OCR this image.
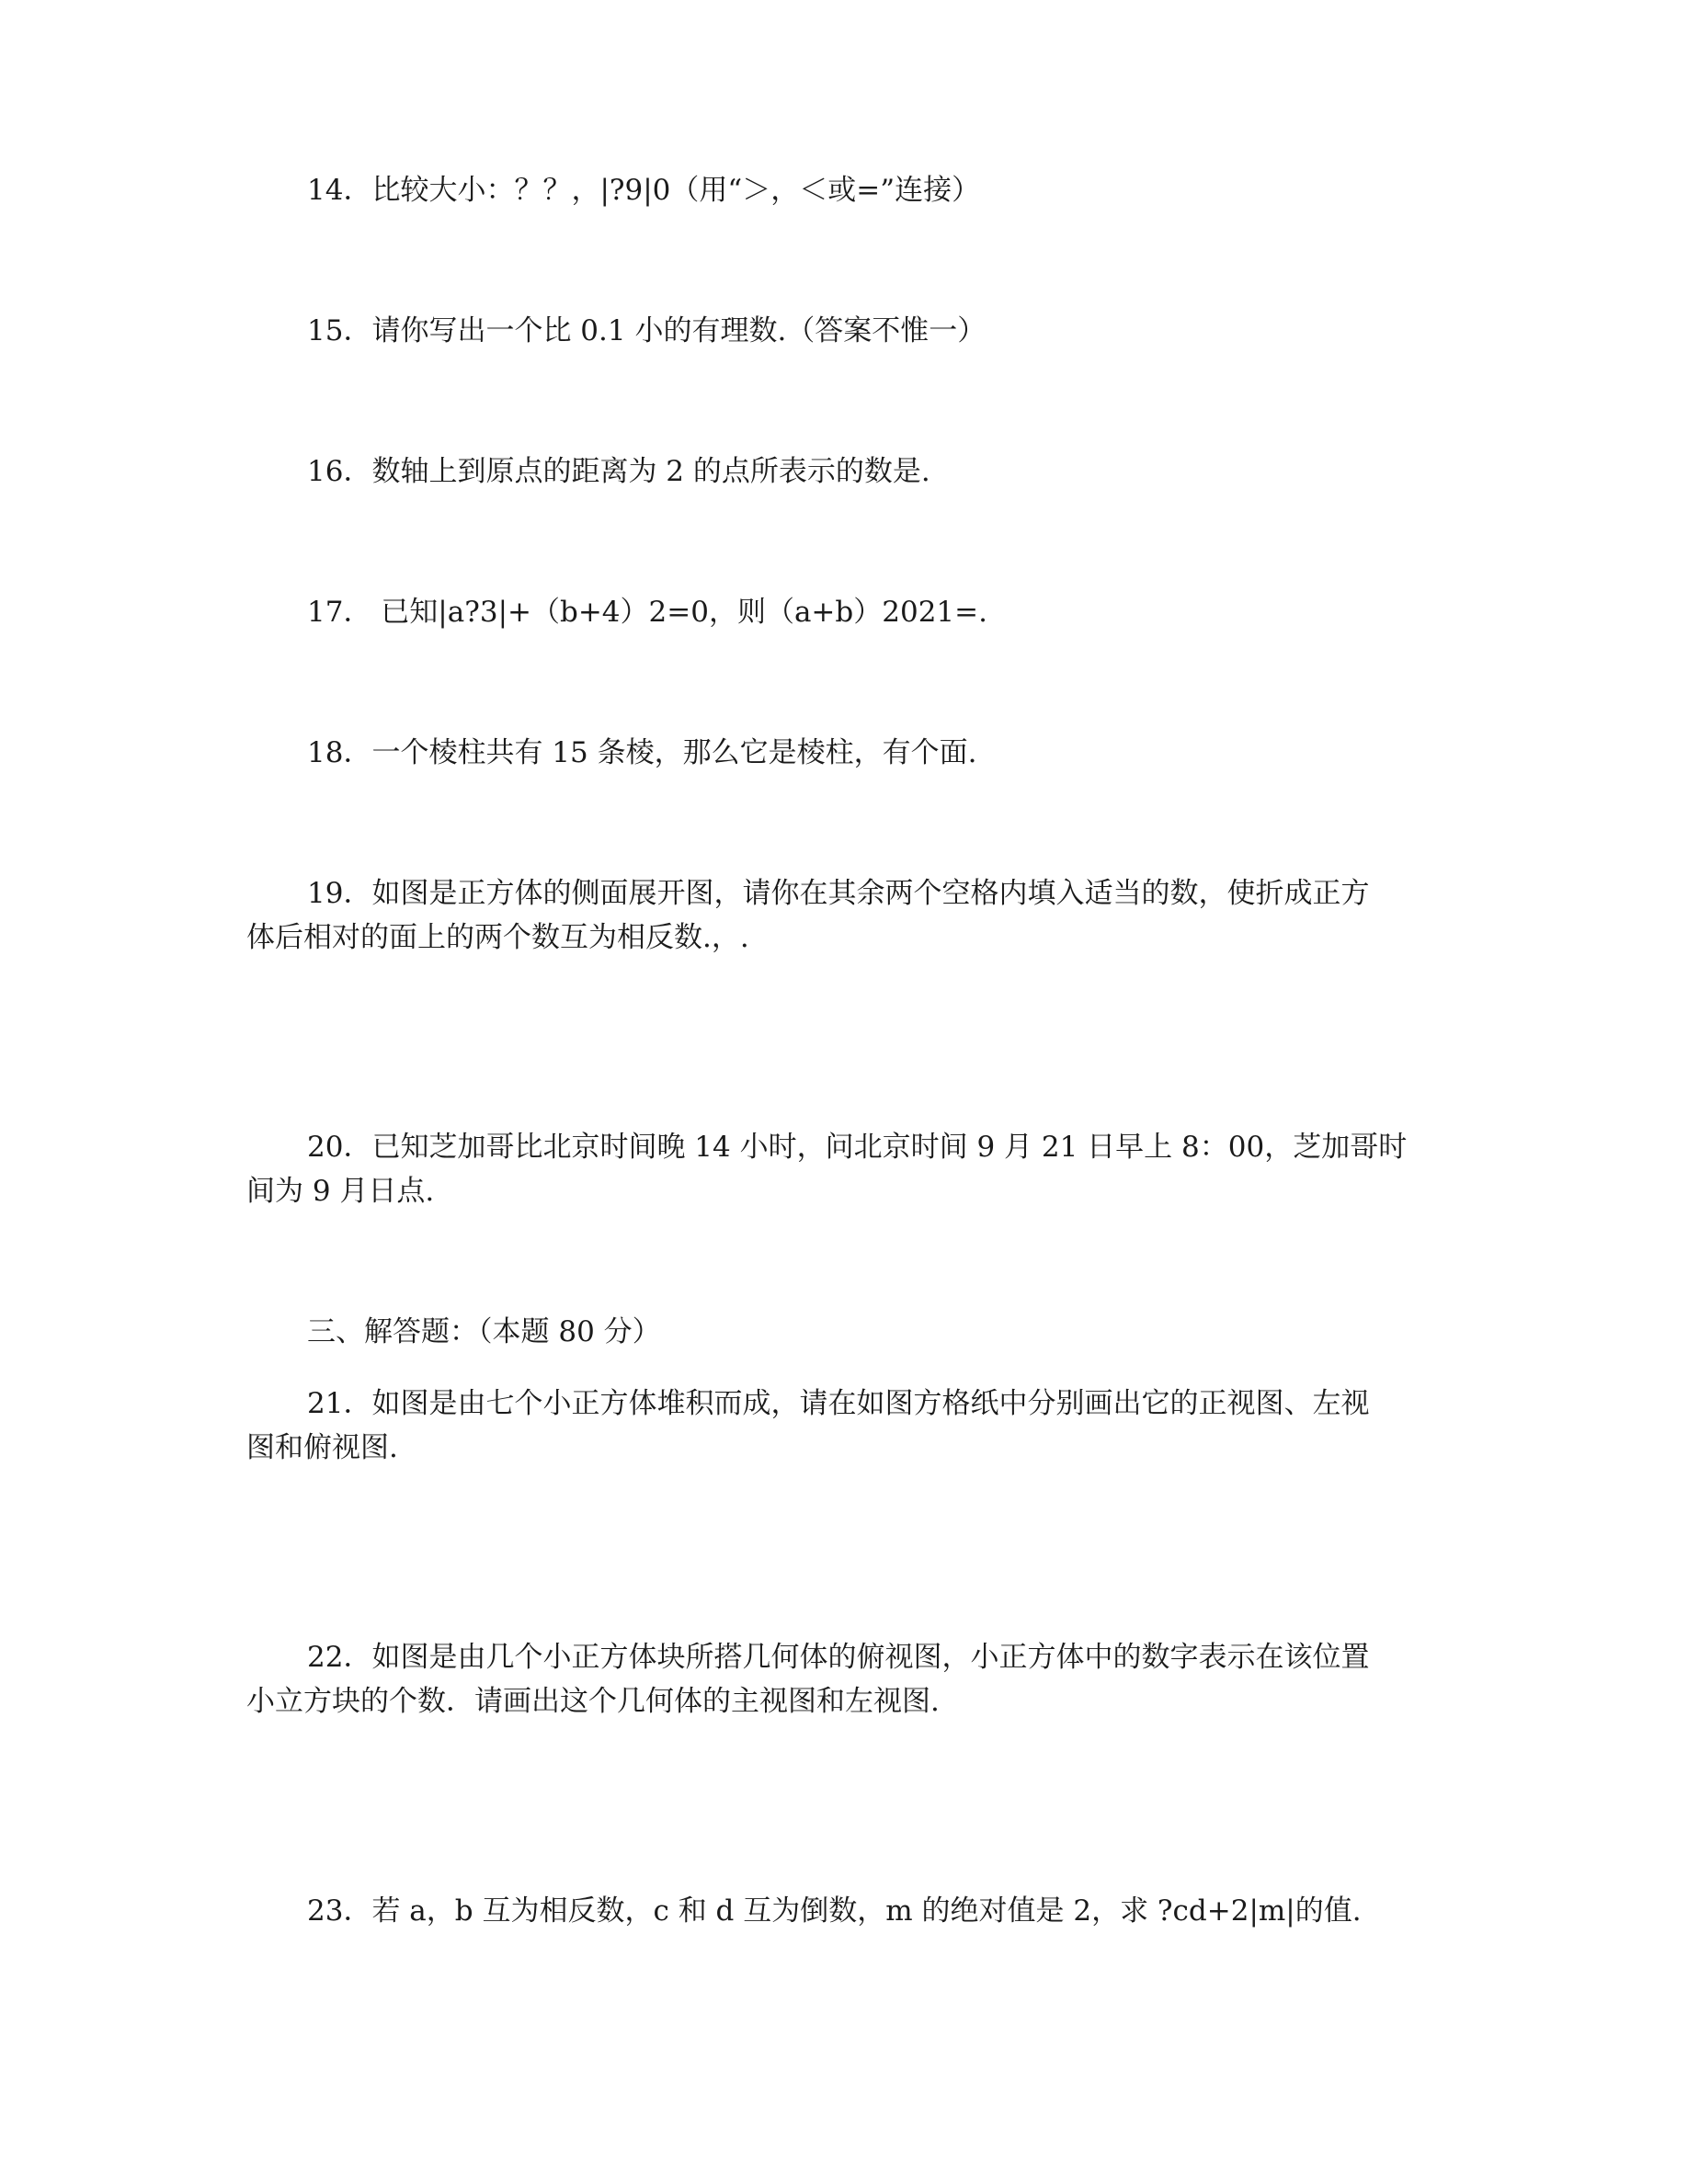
14．比较大小：？？，|?9|0（用“＞，＜或=”连接）
15．请你写出一个比 0.1 小的有理数.（答案不惟一）
16．数轴上到原点的距离为 2 的点所表示的数是.
17． 已知|a?3|+（b+4）2=0，则（a+b）2021=.
18．一个棱柱共有 15 条棱，那么它是棱柱，有个面.
19．如图是正方体的侧面展开图，请你在其余两个空格内填入适当的数，使折成正方
体后相对的面上的两个数互为相反数.，.
20．已知芝加哥比北京时间晚 14 小时，问北京时间 9 月 21 日早上 8：00，芝加哥时
间为 9 月日点.
三、解答题：（本题 80 分）
21．如图是由七个小正方体堆积而成，请在如图方格纸中分别画出它的正视图、左视
图和俯视图.
22．如图是由几个小正方体块所搭几何体的俯视图，小正方体中的数字表示在该位置
小立方块的个数．请画出这个几何体的主视图和左视图.
23．若 a，b 互为相反数，c 和 d 互为倒数，m 的绝对值是 2，求 ?cd+2|m|的值.
